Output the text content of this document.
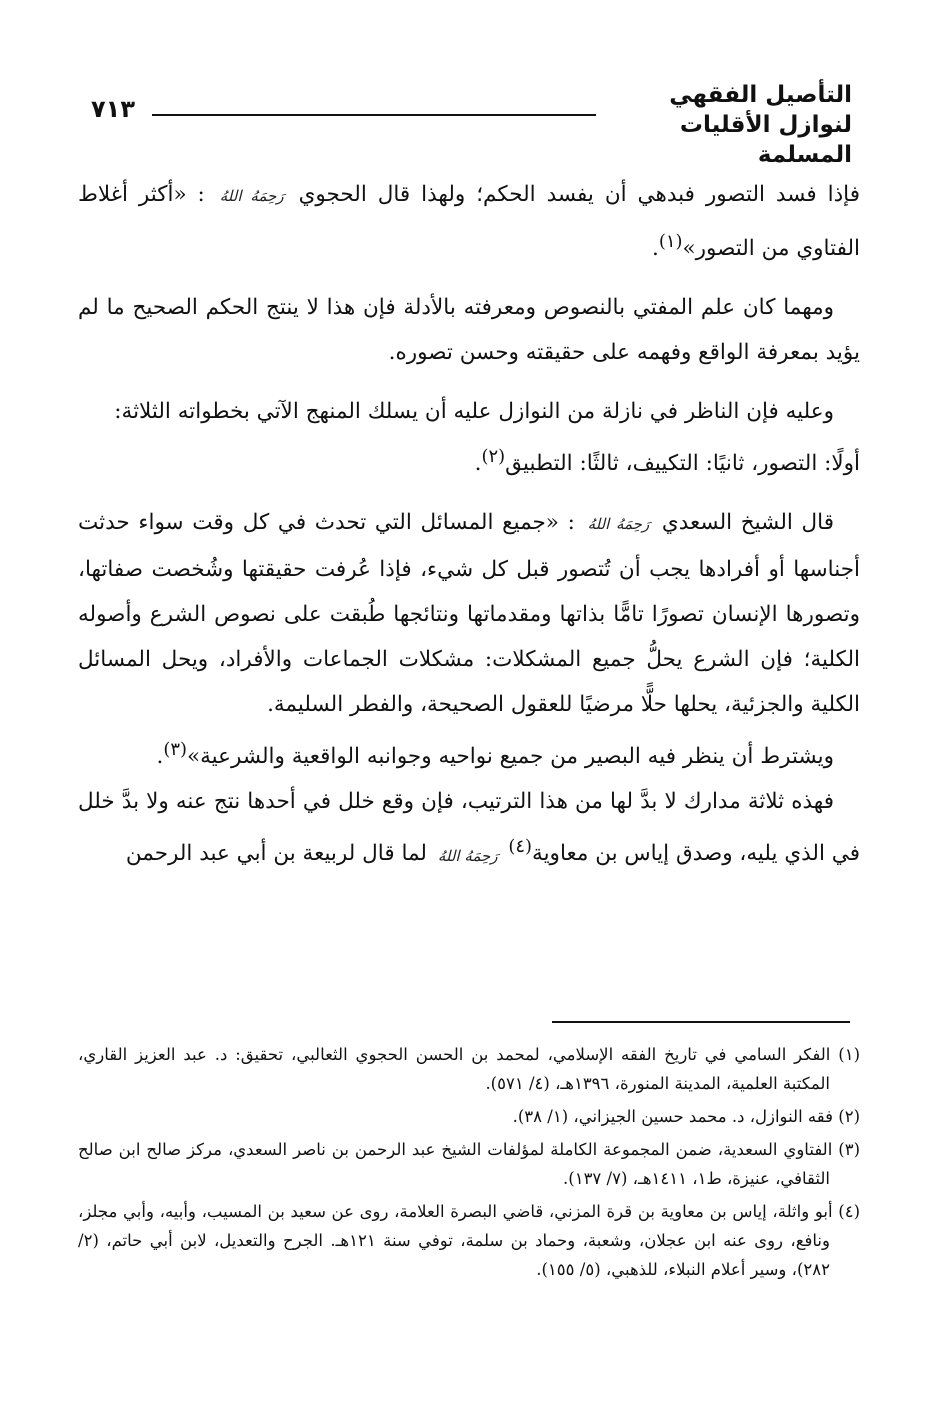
التأصيل الفقهي
لنوازل الأقليات المسلمة
٧١٣

فإذا فسد التصور فبدهي أن يفسد الحكم؛ ولهذا قال الحجوي رَحِمَهُ اللهُ : «أكثر أغلاط الفتاوي من التصور»$^{(١)}$.

ومهما كان علم المفتي بالنصوص ومعرفته بالأدلة فإن هذا لا ينتج الحكم الصحيح ما لم يؤيد بمعرفة الواقع وفهمه على حقيقته وحسن تصوره.

وعليه فإن الناظر في نازلة من النوازل عليه أن يسلك المنهج الآتي بخطواته الثلاثة:

أولًا: التصور، ثانيًا: التكييف، ثالثًا: التطبيق$^{(٢)}$.

قال الشيخ السعدي رَحِمَهُ اللهُ : «جميع المسائل التي تحدث في كل وقت سواء حدثت أجناسها أو أفرادها يجب أن تُتصور قبل كل شيء، فإذا عُرفت حقيقتها وشُخصت صفاتها، وتصورها الإنسان تصورًا تامًّا بذاتها ومقدماتها ونتائجها طُبقت على نصوص الشرع وأصوله الكلية؛ فإن الشرع يحلُّ جميع المشكلات: مشكلات الجماعات والأفراد، ويحل المسائل الكلية والجزئية، يحلها حلًّا مرضيًا للعقول الصحيحة، والفطر السليمة.

ويشترط أن ينظر فيه البصير من جميع نواحيه وجوانبه الواقعية والشرعية»$^{(٣)}$.

فهذه ثلاثة مدارك لا بدَّ لها من هذا الترتيب، فإن وقع خلل في أحدها نتج عنه ولا بدَّ خلل في الذي يليه، وصدق إياس بن معاوية$^{(٤)}$ رَحِمَهُ اللهُ لما قال لربيعة بن أبي عبد الرحمن

(١) الفكر السامي في تاريخ الفقه الإسلامي، لمحمد بن الحسن الحجوي الثعالبي، تحقيق: د. عبد العزيز القاري، المكتبة العلمية، المدينة المنورة، ١٣٩٦هـ، (٤/ ٥٧١).

(٢) فقه النوازل، د. محمد حسين الجيزاني، (١/ ٣٨).

(٣) الفتاوي السعدية، ضمن المجموعة الكاملة لمؤلفات الشيخ عبد الرحمن بن ناصر السعدي، مركز صالح ابن صالح الثقافي، عنيزة، ط١، ١٤١١هـ، (٧/ ١٣٧).

(٤) أبو واثلة، إياس بن معاوية بن قرة المزني، قاضي البصرة العلامة، روى عن سعيد بن المسيب، وأبيه، وأبي مجلز، ونافع، روى عنه ابن عجلان، وشعبة، وحماد بن سلمة، توفي سنة ١٢١هـ. الجرح والتعديل، لابن أبي حاتم، (٢/ ٢٨٢)، وسير أعلام النبلاء، للذهبي، (٥/ ١٥٥).
